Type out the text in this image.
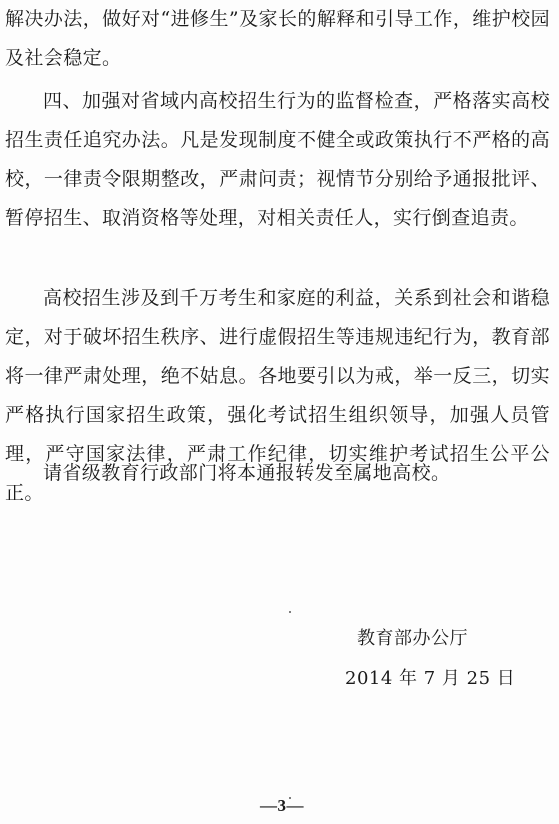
解决办法，做好对“进修生”及家长的解释和引导工作，维护校园及社会稳定。

四、加强对省域内高校招生行为的监督检查，严格落实高校招生责任追究办法。凡是发现制度不健全或政策执行不严格的高校，一律责令限期整改，严肃问责；视情节分别给予通报批评、暂停招生、取消资格等处理，对相关责任人，实行倒查追责。

高校招生涉及到千万考生和家庭的利益，关系到社会和谐稳定，对于破坏招生秩序、进行虚假招生等违规违纪行为，教育部将一律严肃处理，绝不姑息。各地要引以为戒，举一反三，切实严格执行国家招生政策，强化考试招生组织领导，加强人员管理，严守国家法律，严肃工作纪律，切实维护考试招生公平公正。

请省级教育行政部门将本通报转发至属地高校。

教育部办公厅
2014 年 7 月 25 日
—3—
